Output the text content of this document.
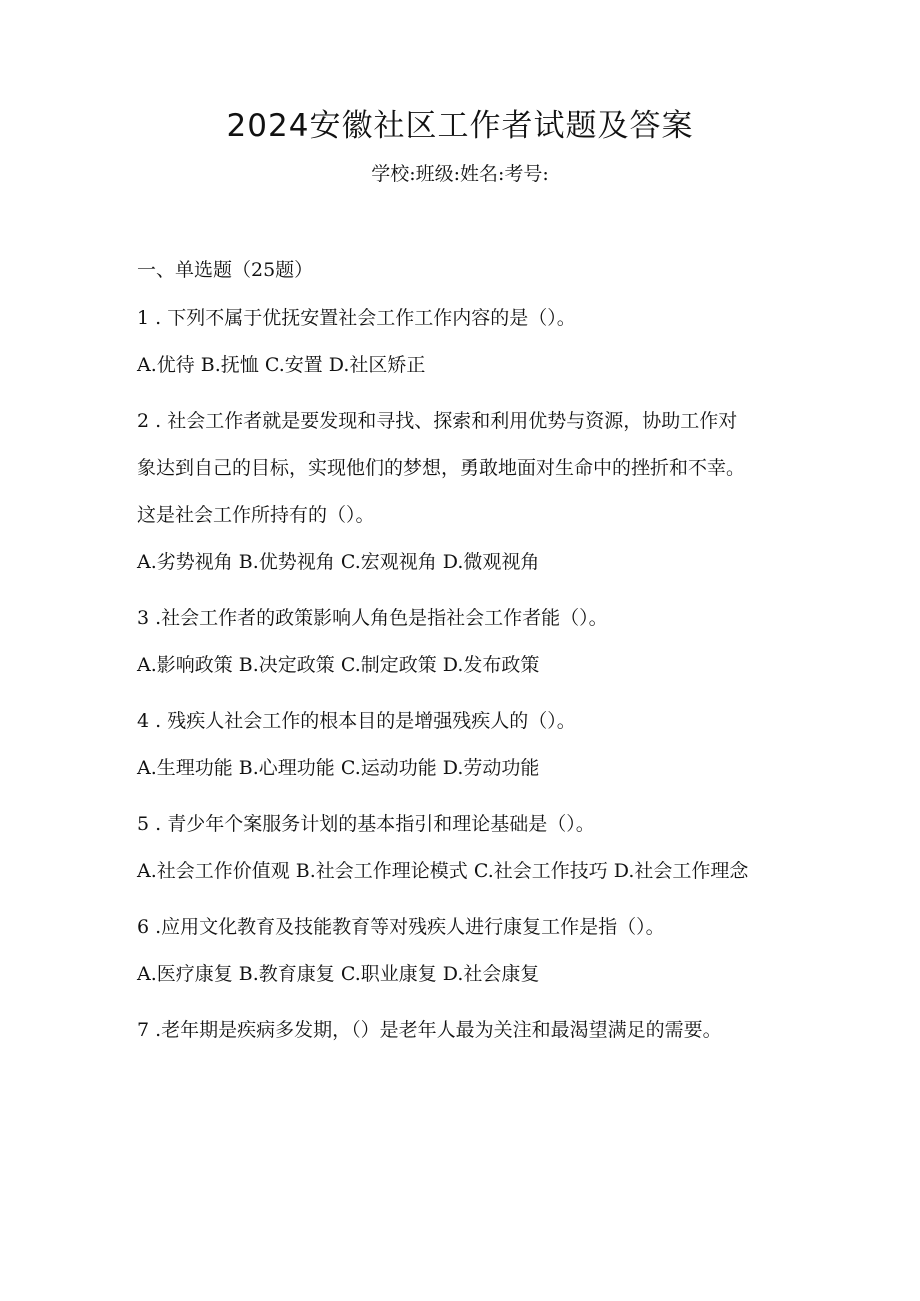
2024安徽社区工作者试题及答案
学校:班级:姓名:考号:
一、单选题（25题）
1 . 下列不属于优抚安置社会工作工作内容的是（）。
A.优待 B.抚恤 C.安置 D.社区矫正
2 . 社会工作者就是要发现和寻找、探索和利用优势与资源，协助工作对
象达到自己的目标，实现他们的梦想，勇敢地面对生命中的挫折和不幸。
这是社会工作所持有的（）。
A.劣势视角 B.优势视角 C.宏观视角 D.微观视角
3 .社会工作者的政策影响人角色是指社会工作者能（）。
A.影响政策 B.决定政策 C.制定政策 D.发布政策
4 . 残疾人社会工作的根本目的是增强残疾人的（）。
A.生理功能 B.心理功能 C.运动功能 D.劳动功能
5 . 青少年个案服务计划的基本指引和理论基础是（）。
A.社会工作价值观 B.社会工作理论模式 C.社会工作技巧 D.社会工作理念
6 .应用文化教育及技能教育等对残疾人进行康复工作是指（）。
A.医疗康复 B.教育康复 C.职业康复 D.社会康复
7 .老年期是疾病多发期，（）是老年人最为关注和最渴望满足的需要。
